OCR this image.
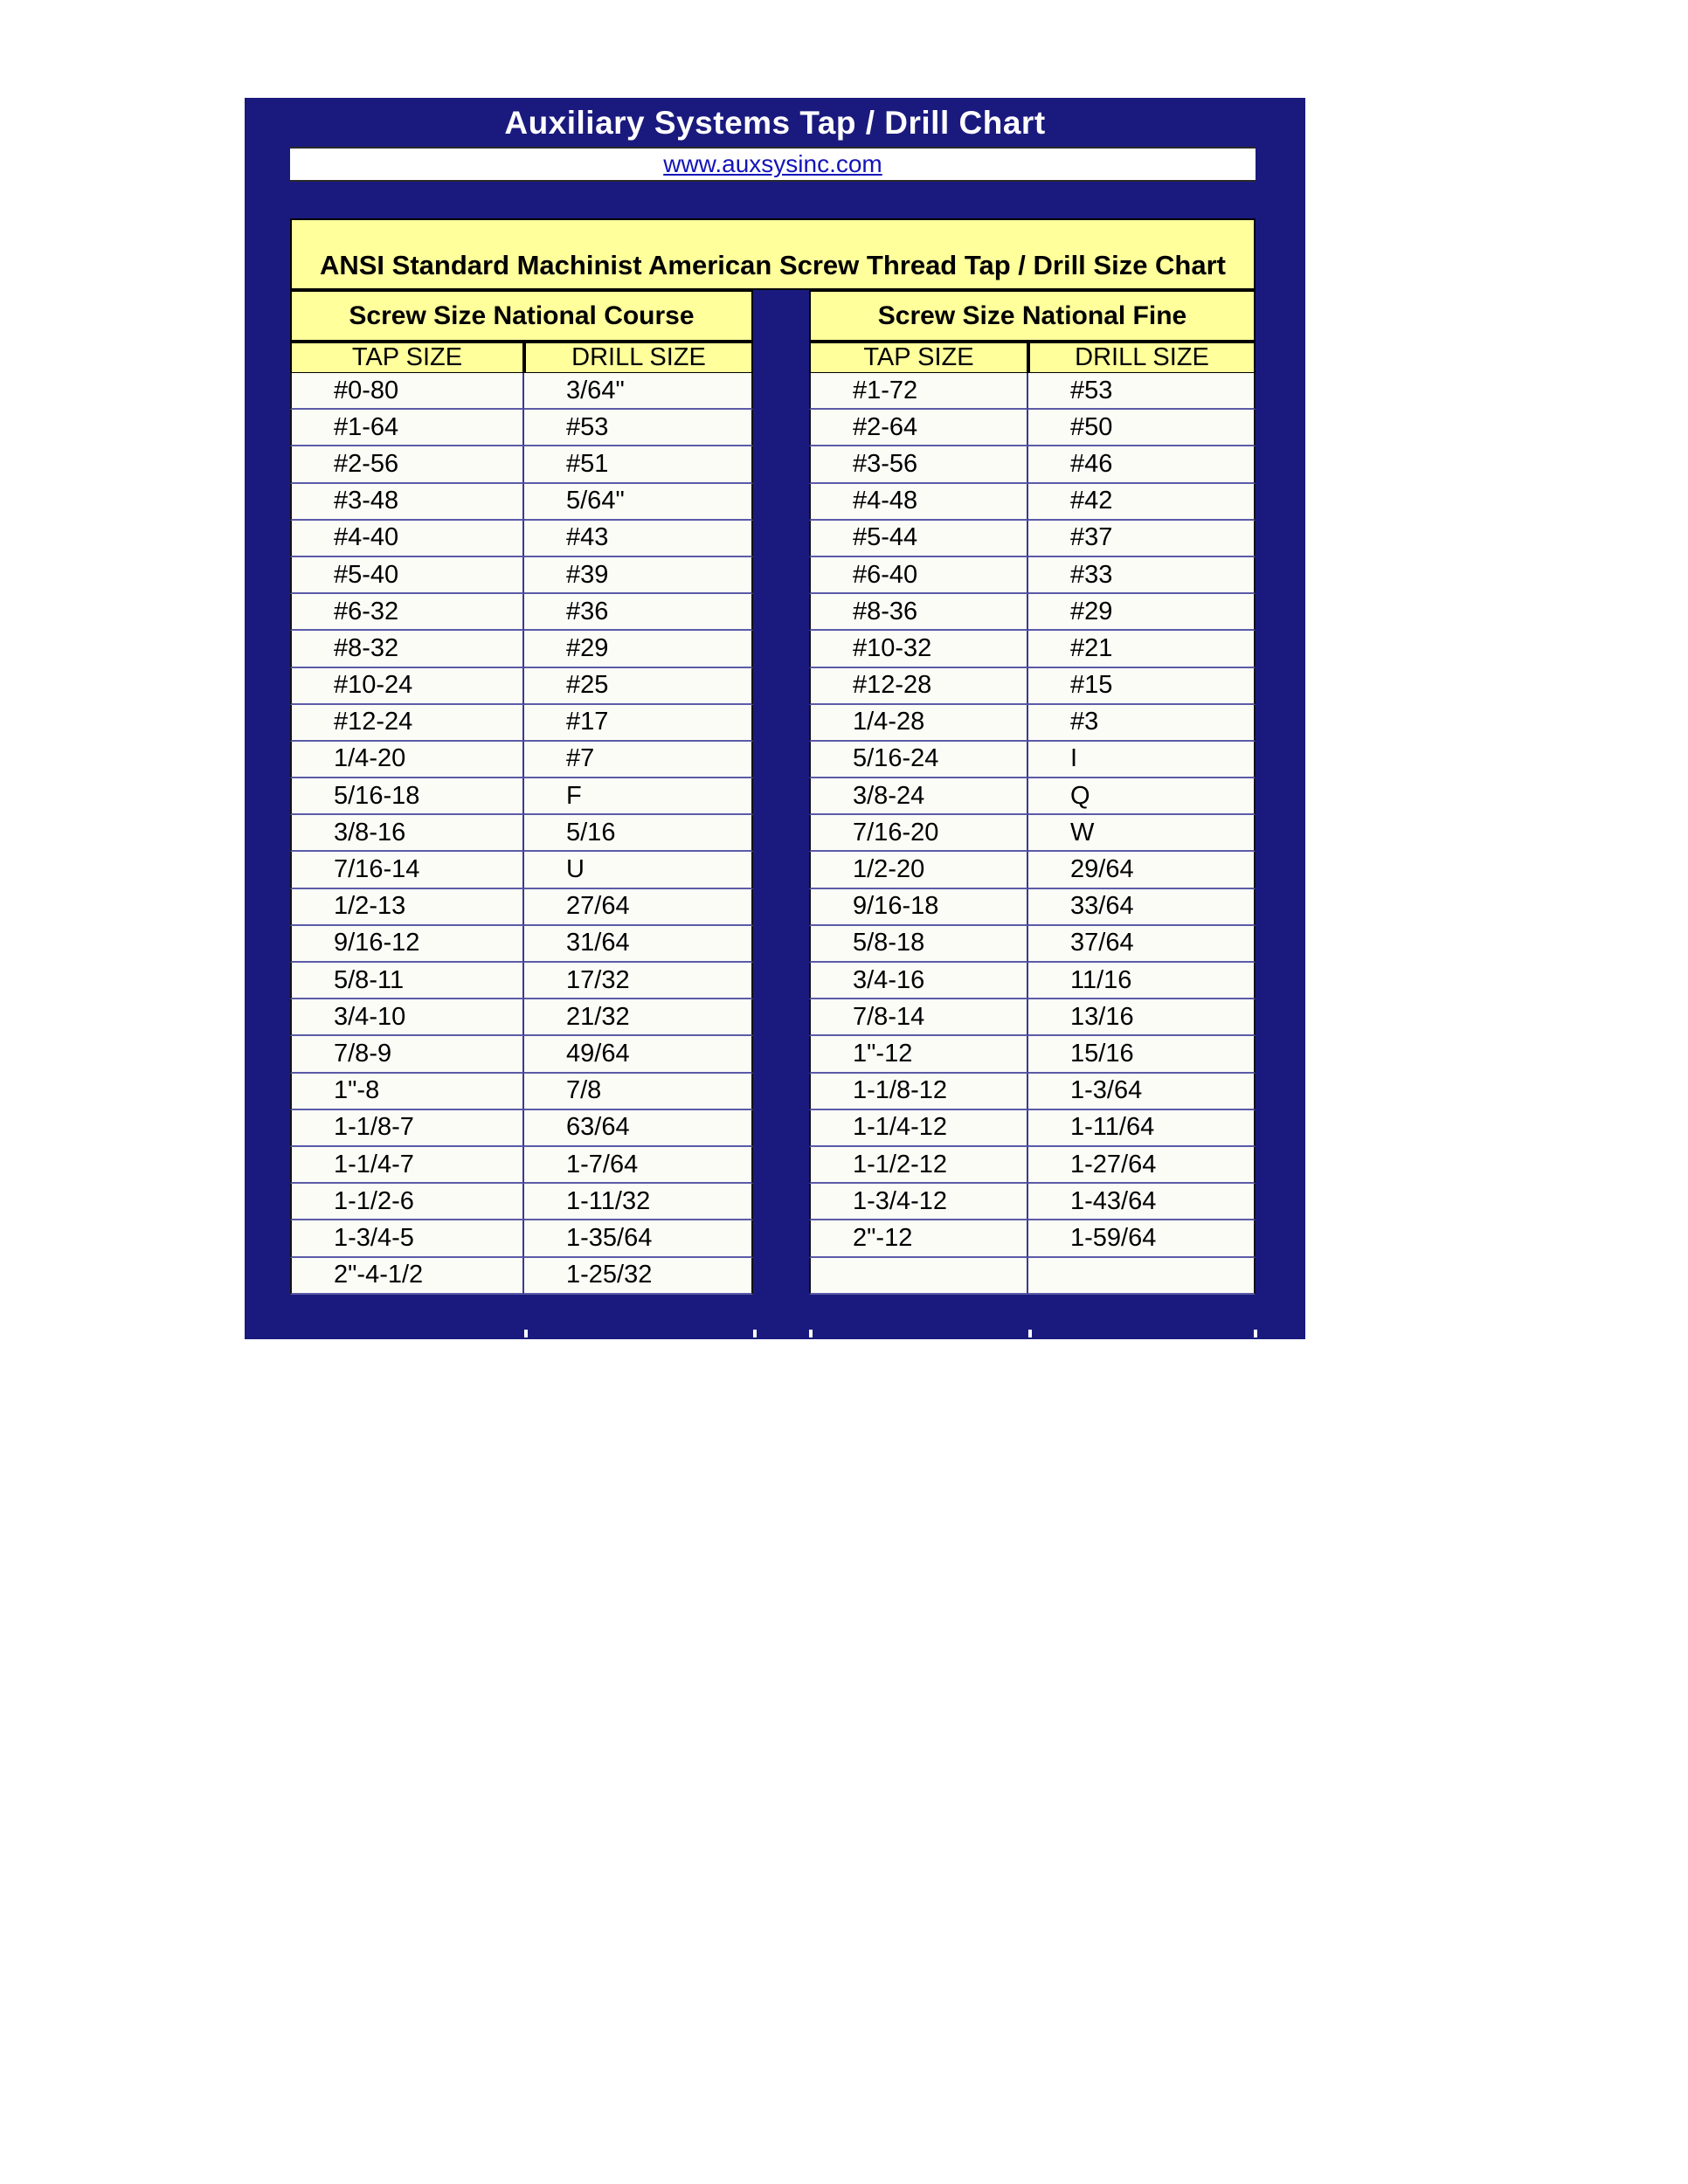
Auxiliary Systems Tap / Drill Chart
www.auxsysinc.com
ANSI Standard Machinist American Screw Thread Tap / Drill Size Chart
Screw Size National Course	Screw Size National Fine
TAP SIZE	DRILL SIZE	TAP SIZE	DRILL SIZE
#0-80	3/64"	#1-72	#53
#1-64	#53	#2-64	#50
#2-56	#51	#3-56	#46
#3-48	5/64"	#4-48	#42
#4-40	#43	#5-44	#37
#5-40	#39	#6-40	#33
#6-32	#36	#8-36	#29
#8-32	#29	#10-32	#21
#10-24	#25	#12-28	#15
#12-24	#17	1/4-28	#3
1/4-20	#7	5/16-24	I
5/16-18	F	3/8-24	Q
3/8-16	5/16	7/16-20	W
7/16-14	U	1/2-20	29/64
1/2-13	27/64	9/16-18	33/64
9/16-12	31/64	5/8-18	37/64
5/8-11	17/32	3/4-16	11/16
3/4-10	21/32	7/8-14	13/16
7/8-9	49/64	1"-12	15/16
1"-8	7/8	1-1/8-12	1-3/64
1-1/8-7	63/64	1-1/4-12	1-11/64
1-1/4-7	1-7/64	1-1/2-12	1-27/64
1-1/2-6	1-11/32	1-3/4-12	1-43/64
1-3/4-5	1-35/64	2"-12	1-59/64
2"-4-1/2	1-25/32
